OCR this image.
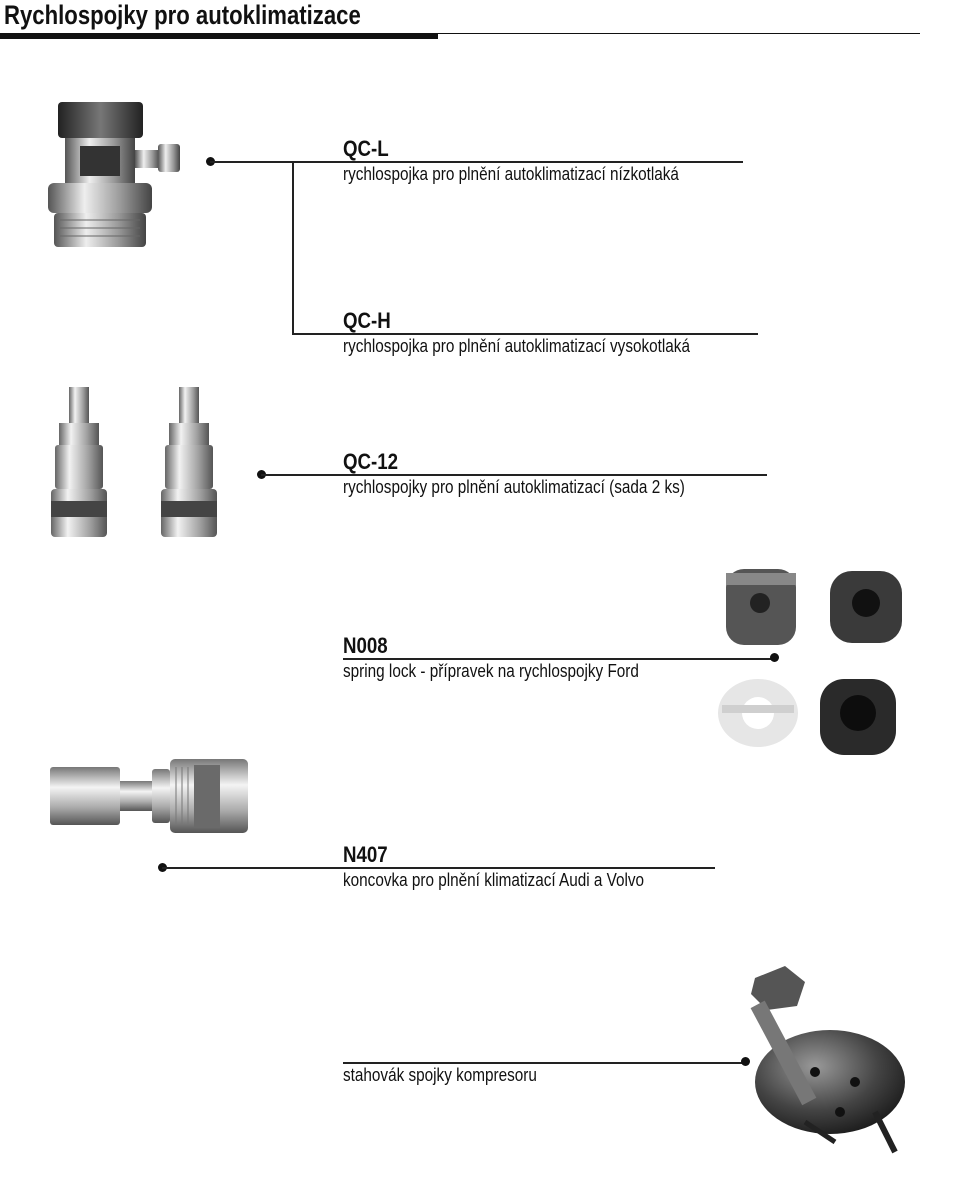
Rychlospojky pro autoklimatizace
QC-L
rychlospojka pro plnění autoklimatizací nízkotlaká
QC-H
rychlospojka pro plnění autoklimatizací vysokotlaká
QC-12
rychlospojky pro plnění autoklimatizací (sada 2 ks)
N008
spring lock - přípravek na rychlospojky Ford
N407
koncovka pro plnění klimatizací Audi a Volvo
stahovák spojky kompresoru
